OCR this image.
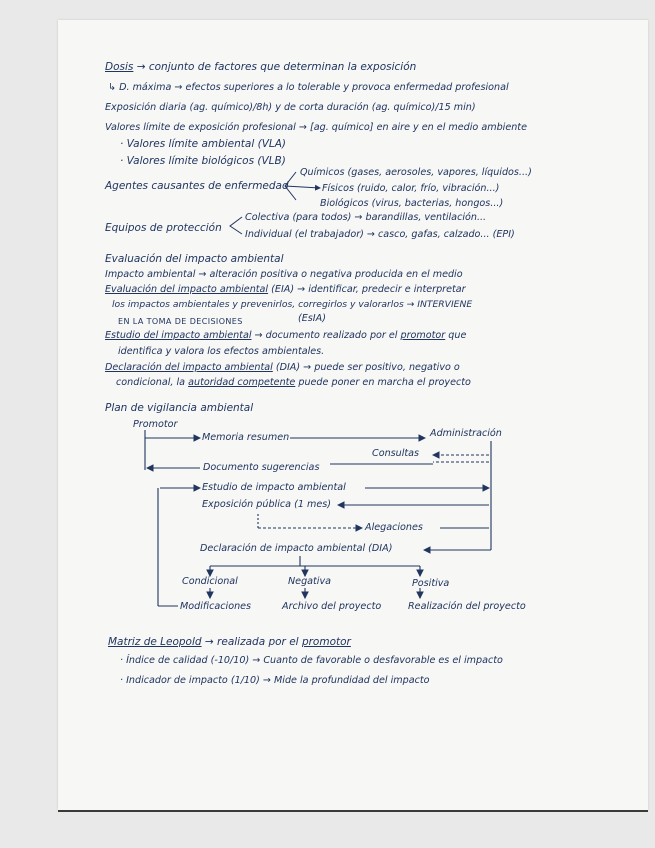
Dosis → conjunto de factores que determinan la exposición
↳ D. máxima → efectos superiores a lo tolerable y provoca enfermedad profesional
Exposición diaria (ag. químico)/8h) y de corta duración (ag. químico)/15 min)
Valores límite de exposición profesional → [ag. químico] en aire y en el medio ambiente
· Valores límite ambiental (VLA)
· Valores límite biológicos (VLB)
Químicos (gases, aerosoles, vapores, líquidos...)
Agentes causantes de enfermedad	Físicos (ruido, calor, frío, vibración...)
Biológicos (virus, bacterias, hongos...)
Colectiva (para todos) → barandillas, ventilación...
Equipos de protección
Individual (el trabajador) → casco, gafas, calzado... (EPI)
Evaluación del impacto ambiental
Impacto ambiental → alteración positiva o negativa producida en el medio
Evaluación del impacto ambiental (EIA) → identificar, predecir e interpretar
los impactos ambientales y prevenirlos, corregirlos y valorarlos → INTERVIENE
EN LA TOMA DE DECISIONES	(EsIA)
Estudio del impacto ambiental → documento realizado por el promotor que
identifica y valora los efectos ambientales.
Declaración del impacto ambiental (DIA) → puede ser positivo, negativo o
condicional, la autoridad competente puede poner en marcha el proyecto
Plan de vigilancia ambiental
Promotor
Administración
Memoria resumen
Consultas
Documento sugerencias
Estudio de impacto ambiental
Exposición pública (1 mes)
Alegaciones
Declaración de impacto ambiental (DIA)
Condicional	Negativa	Positiva
Modificaciones	Archivo del proyecto	Realización del proyecto
Matriz de Leopold → realizada por el promotor
· Índice de calidad (-10/10) → Cuanto de favorable o desfavorable es el impacto
· Indicador de impacto (1/10) → Mide la profundidad del impacto
